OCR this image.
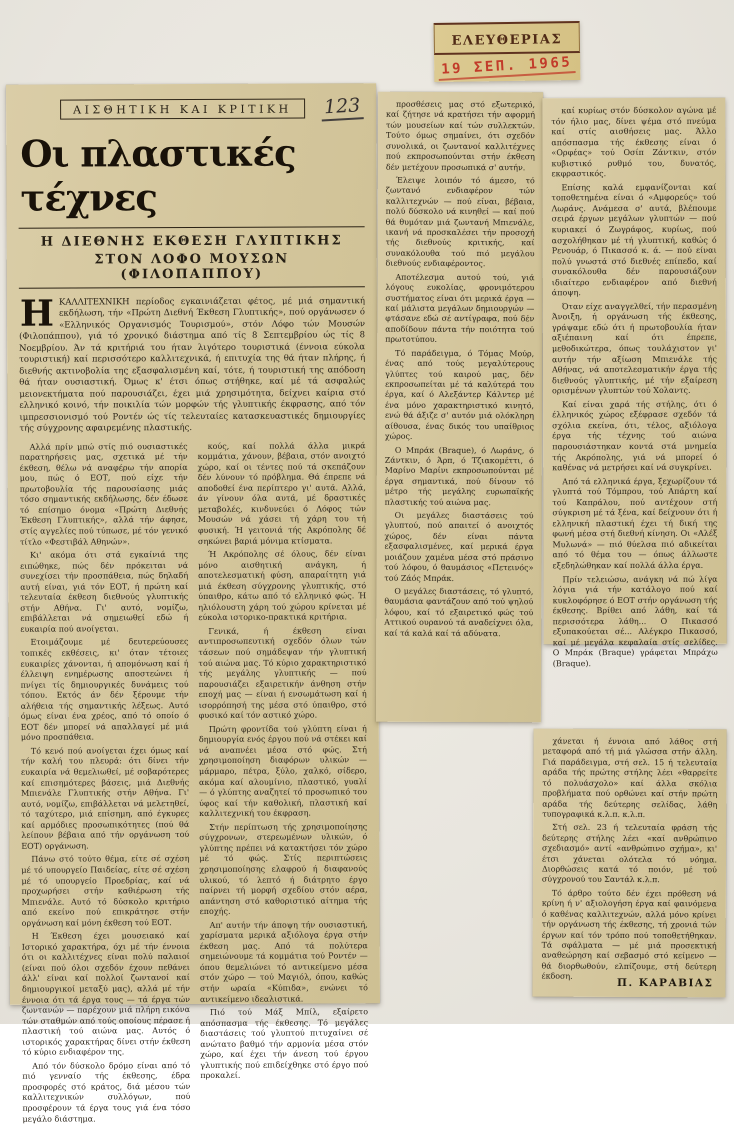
ΕΛΕΥΘΕΡΙΑΣ
19 ΣΕΠ. 1965
ΑΙΣΘΗΤΙΚΗ ΚΑΙ ΚΡΙΤΙΚΗ	123
Οι πλαστικές τέχνες
Η ΔΙΕΘΝΗΣ ΕΚΘΕΣΗ ΓΛΥΠΤΙΚΗΣ
ΣΤΟΝ ΛΟΦΟ ΜΟΥΣΩΝ (ΦΙΛΟΠΑΠΠΟΥ)
ΗΚΑΛΛΙΤΕΧΝΙΚΗ περίοδος εγκαινιάζεται φέτος, μέ μιά σημαντική εκδήλωση, τήν «Πρώτη Διεθνή Έκθεση Γλυπτικής», πού οργάνωσεν ό «Ελληνικός Οργανισμός Τουρισμού», στόν Λόφο τών Μουσών (Φιλοπάππου), γιά τό χρονικό διάστημα από τίς 8 Σεπτεμβρίου ώς τίς 8 Νοεμβρίου. Άν τά κριτήριά του ήταν λιγότερο τουριστικά (έννοια εύκολα τουριστική) καί περισσότερο καλλιτεχνικά, ή επιτυχία της θά ήταν πλήρης, ή διεθνής ακτινοβολία της εξασφαλισμένη καί, τότε, ή τουριστική της απόδοση θά ήταν ουσιαστική. Όμως κ' έτσι όπως στήθηκε, καί μέ τά ασφαλώς μειονεκτήματα πού παρουσιάζει, έχει μιά χρησιμότητα, δείχνει καίρια στό ελληνικό κοινό, τήν ποικιλία τών μορφών τής γλυπτικής έκφρασης, από τόν ιμπρεσσιονισμό τού Ροντέν ώς τίς τελευταίες κατασκευαστικές δημιουργίες τής σύγχρονης αφαιρεμένης πλαστικής.

Αλλά πρίν μπώ στίς πιό ουσιαστικές παρατηρήσεις μας, σχετικά μέ τήν έκθεση, θέλω νά αναφέρω τήν απορία μου, πώς ό ΕΟΤ, πού είχε τήν πρωτοβουλία τής παρουσίασης μιάς τόσο σημαντικής εκδήλωσης, δέν έδωσε τό επίσημο όνομα «Πρώτη Διεθνής Έκθεση Γλυπτικής», αλλά τήν άφησε, στίς αγγελίες πού τύπωσε, μέ τόν γενικό τίτλο «Φεστιβάλ Αθηνών».

Κι' ακόμα ότι στά εγκαίνιά της ειπώθηκε, πώς δέν πρόκειται νά συνεχίσει τήν προσπάθεια, πώς δηλαδή αυτή είναι, γιά τόν ΕΟΤ, ή πρώτη καί τελευταία έκθεση διεθνούς γλυπτικής στήν Αθήνα. Γι' αυτό, νομίζω, επιβάλλεται νά σημειωθεί εδώ ή ευκαιρία πού ανοίγεται.

Ετοιμάζουμε μέ δευτερεύουσες τοπικές εκθέσεις, κι' όταν τέτοιες ευκαιρίες χάνονται, ή απομόνωση καί ή έλλειψη ενημέρωσης αποστεώνει ή πνίγει τίς δημιουργικές δυνάμεις τού τόπου. Εκτός άν δέν ξέρουμε τήν αλήθεια τής σημαντικής λέξεως. Αυτό όμως είναι ένα χρέος, από τό οποίο ό ΕΟΤ δέν μπορεί νά απαλλαγεί μέ μιά μόνο προσπάθεια.

Τό κενό πού ανοίγεται έχει όμως καί τήν καλή του πλευρά: ότι δίνει τήν ευκαιρία νά θεμελιωθεί, μέ σοβαρότερες καί επισημότερες βάσεις, μιά Διεθνής Μπιενάλε Γλυπτικής στήν Αθήνα. Γι' αυτό, νομίζω, επιβάλλεται νά μελετηθεί, τό ταχύτερο, μιά επίσημη, από έγκυρες καί αρμόδιες προσωπικότητες (πού θά λείπουν βέβαια από τήν οργάνωση τού ΕΟΤ) οργάνωση.

Πάνω στό τούτο θέμα, είτε σέ σχέση μέ τό υπουργείο Παιδείας, είτε σέ σχέση μέ τό υπουργείο Προεδρίας, καί νά προχωρήσει στήν καθιέρωση τής Μπιενάλε. Αυτό τό δύσκολο κριτήριο από εκείνο πού επικράτησε στήν οργάνωση καί μόνη έκθεση τού ΕΟΤ.

Η Έκθεση έχει μουσειακό καί Ιστορικό χαρακτήρα, όχι μέ τήν έννοια ότι οι καλλιτέχνες είναι πολύ παλαιοί (είναι πού όλοι σχεδόν έχουν πεθάνει άλλ' είναι καί πολλοί ζωντανοί καί δημιουργικοί μεταξύ μας), αλλά μέ τήν έννοια ότι τά έργα τους — τά έργα τών ζωντανών — παρέχουν μιά πλήρη εικόνα τών σταθμών από τούς οποίους πέρασε ή πλαστική τού αιώνα μας. Αυτός ό ιστορικός χαρακτήρας δίνει στήν έκθεση τό κύριο ενδιαφέρον της.

Από τόν δύσκολο δρόμο είναι από τό πιό γενναίο τής έκθεσης, έδρα προσφορές στό κράτος, διά μέσου τών καλλιτεχνικών συλλόγων, πού προσφέρουν τά έργα τους γιά ένα τόσο μεγάλο διάστημα.

κούς, καί πολλά άλλα μικρά κομμάτια, χάνουν, βέβαια, στόν ανοιχτό χώρο, καί οι τέντες πού τά σκεπάζουν δέν λύνουν τό πρόβλημα. Θά έπρεπε νά αποδοθεί ένα περίπτερο γι' αυτά. Αλλά, άν γίνουν όλα αυτά, μέ δραστικές μεταβολές, κινδυνεύει ό Λόφος τών Μουσών νά χάσει τή χάρη του τή φυσική. Ή γειτονιά τής Ακρόπολης δέ σηκώνει βαριά μόνιμα κτίσματα.

Ή Ακρόπολης σέ όλους, δέν είναι μόνο αισθητική ανάγκη, ή αποτελεσματική φύση, απαραίτητη γιά μιά έκθεση σύγχρονης γλυπτικής, στό ύπαιθρο, κάτω από τό ελληνικό φώς. Ή ηλιόλουστη χάρη τού χώρου κρίνεται μέ εύκολα ιστορικο-πρακτικά κριτήρια.

Γενικά, ή έκθεση είναι αντιπροσωπευτική σχεδόν όλων τών τάσεων πού σημάδεψαν τήν γλυπτική τού αιώνα μας. Τό κύριο χαρακτηριστικό τής μεγάλης γλυπτικής — πού παρουσιάζει εξαιρετικήν άνθηση στήν εποχή μας — είναι ή ενσωμάτωση καί ή ισορρόπησή της μέσα στό ύπαιθρο, στό φυσικό καί τόν αστικό χώρο.

Πρώτη φροντίδα τού γλύπτη είναι ή δημιουργία ενός έργου πού νά στέκει καί νά αναπνέει μέσα στό φώς. Στή χρησιμοποίηση διαφόρων υλικών — μάρμαρο, πέτρα, ξύλο, χαλκό, σίδερο, ακόμα καί αλουμίνιο, πλαστικό, γυαλί — ό γλύπτης αναζητεί τό προσωπικό του ύφος καί τήν καθολική, πλαστική καί καλλιτεχνική του έκφραση.

Στήν περίπτωση τής χρησιμοποίησης σύγχρονων, στερεωμένων υλικών, ό γλύπτης πρέπει νά κατακτήσει τόν χώρο μέ τό φώς. Στίς περιπτώσεις χρησιμοποίησης ελαφρού ή διαφανούς υλικού, τό λεπτό ή διάτρητο έργο παίρνει τή μορφή σχεδίου στόν αέρα, απάντηση στό καθοριστικό αίτημα τής εποχής.

Απ' αυτήν τήν άποψη τήν ουσιαστική, χαρίσματα μερικά αξιόλογα έργα στήν έκθεση μας. Από τά πολύτερα σημειώνουμε τά κομμάτια τού Ροντέν — όπου θεμελιώνει τό αντικείμενο μέσα στόν χώρο — τού Μαγιόλ, όπου, καθώς στήν ωραία «Κύπιδα», ενώνει τό αντικείμενο ιδεαλιστικά.

Πιό τού Μάξ Μπίλ, εξαίρετο απόσπασμα τής έκθεσης. Τό μεγάλες διαστάσεις τού γλυπτού πιτυχαίνει σέ ανώτατο βαθμό τήν αρμονία μέσα στόν χώρο, καί έχει τήν άνεση τού έργου γλυπτικής πού επιδείχθηκε στό έργο πού προκαλεί.

προσθέσεις μας στό εξωτερικό, καί ζήτησε νά κρατήσει τήν αφορμή τών μουσείων καί τών συλλεκτών. Τούτο όμως σημαίνει, ότι σχεδόν συνολικά, οι ζωντανοί καλλιτέχνες πού εκπροσωπούνται στήν έκθεση δέν μετέχουν προσωπικά σ' αυτήν.

Έλειψε λοιπόν τό άμεσο, τό ζωντανό ενδιαφέρον τών καλλιτεχνών — πού είναι, βέβαια, πολύ δύσκολο νά κινηθεί — καί πού θά θυμόταν μιά ζωντανή Μπιενάλε, ικανή νά προσκαλέσει τήν προσοχή τής διεθνούς κριτικής, καί συνακόλουθα τού πιό μεγάλου διεθνούς ενδιαφέροντος.

Αποτέλεσμα αυτού τού, γιά λόγους ευκολίας, φρονιμότερου συστήματος είναι ότι μερικά έργα — καί μάλιστα μεγάλων δημιουργών — φτάσανε εδώ σέ αντίγραφα, πού δέν αποδίδουν πάντα τήν ποιότητα τού πρωτοτύπου.

Τό παράδειγμα, ό Τόμας Μούρ, ένας από τούς μεγαλύτερους γλύπτες τού καιρού μας, δέν εκπροσωπείται μέ τά καλύτερά του έργα, καί ό Αλεξάντερ Κάλντερ μέ ένα μόνο χαρακτηριστικό κινητό, ενώ θά άξιζε σ' αυτόν μιά ολόκληρη αίθουσα, ένας δικός του υπαίθριος χώρος.

Ο Μπράκ (Braque), ό Λωράνς, ό Ζάντκιν, ό Άρπ, ό Τζιακομέττι, ό Μαρίνο Μαρίνι εκπροσωπούνται μέ έργα σημαντικά, πού δίνουν τό μέτρο τής μεγάλης ευρωπαϊκής πλαστικής τού αιώνα μας.

Οι μεγάλες διαστάσεις τού γλυπτού, πού απαιτεί ό ανοιχτός χώρος, δέν είναι πάντα εξασφαλισμένες, καί μερικά έργα μοιάζουν χαμένα μέσα στό πράσινο τού λόφου, ό θαυμάσιος «Πετεινός» τού Ζάός Μπράκ.

Ο μεγάλες διαστάσεις, τό γλυπτό, θαυμάσια φαντάζουν από τού ψηλού λόφου, καί τό εξαιρετικό φώς τού Αττικού ουρανού τά αναδείχνει όλα, καί τά καλά καί τά αδύνατα.

καί κυρίως στόν δύσκολον αγώνα μέ τόν ήλιο μας, δίνει ψέμα στό πνεύμα καί στίς αισθήσεις μας. Άλλο απόσπασμα τής έκθεσης είναι ό «Ορφέας» τού Οσίπ Ζάντκιν, στόν κυβιστικό ρυθμό του, δυνατός, εκφραστικός.

Επίσης καλά εμφανίζονται καί τοποθετημένα είναι ό «Αμφορεύς» τού Λωράνς. Ανάμεσα σ' αυτά, βλέπουμε σειρά έργων μεγάλων γλυπτών — πού κυριακεί ό Ζωγράφος, κυρίως, πού ασχολήθηκαν μέ τή γλυπτική, καθώς ό Ρενουάρ, ό Πικασσό κ. ά. — πού είναι πολύ γνωστά στό διεθνές επίπεδο, καί συνακόλουθα δέν παρουσιάζουν ιδιαίτερο ενδιαφέρον από διεθνή άποψη.

Όταν είχε αναγγελθεί, τήν περασμένη Άνοιξη, ή οργάνωση τής έκθεσης, γράψαμε εδώ ότι ή πρωτοβουλία ήταν αξιέπαινη καί ότι έπρεπε, μεθοδικώτερα, όπως τουλάχιστον γι' αυτήν τήν αξίωση Μπιενάλε τής Αθήνας, νά αποτελεσματικήν έργα τής διεθνούς γλυπτικής, μέ τήν εξαίρεση ορισμένων γλυπτών τού Χολαντς.

Καί είναι χαρά τής στήλης, ότι ό έλληνικός χώρος εξέφρασε σχεδόν τά σχόλια εκείνα, ότι, τέλος, αξιόλογα έργα τής τέχνης τού αιώνα παρουσιάστηκαν κοντά στά μνημεία τής Ακρόπολης, γιά νά μπορεί ό καθένας νά μετρήσει καί νά συγκρίνει.

Από τά ελληνικά έργα, ξεχωρίζουν τά γλυπτά τού Τόμπρου, τού Απάρτη καί τού Καπράλου, πού αντέχουν στή σύγκριση μέ τά ξένα, καί δείχνουν ότι ή ελληνική πλαστική έχει τή δική της φωνή μέσα στή διεθνή κίνηση. Οι «Αλέξ Μυλωνά» — πιό θύελσα πιό αδικείται από τό θέμα του — όπως άλλωστε εξεδηλώθηκαν καί πολλά άλλα έργα.

Πρίν τελειώσω, ανάγκη νά πώ λίγα λόγια γιά τήν κατάλογο πού καί κυκλοφόρησε ό ΕΟΤ στήν οργάνωση τής έκθεσης. Βρίθει από λάθη, καί τά περισσότερα λάθη... Ο Πικασσό εξυπακούεται σέ... Αλέγκρο Πικασσό, καί μέ μεγάλα κεφαλαία στίς σελίδες. Ο Μπράκ (Braque) γράφεται Μπράχω (Braque).

χάνεται ή έννοια από λάθος στή μεταφορά από τή μιά γλώσσα στήν άλλη. Γιά παράδειγμα, στή σελ. 15 ή τελευταία αράδα τής πρώτης στήλης λέει «θαρρείτε τό πολυάσχολο» καί άλλα σκόλια προβλήματα πού ορθώνει καί στήν πρώτη αράδα τής δεύτερης σελίδας, λάθη τυπογραφικά κ.λ.π. κ.λ.π.

Στή σελ. 23 ή τελευταία φράση τής δεύτερης στήλης λέει «καί ανθρώπινο σχεδιασμό» αντί «ανθρώπινο σχήμα», κι' έτσι χάνεται ολότελα τό νόημα. Διορθώσεις κατά τό ποιόν, μέ τού σύγχρονού του Σαντάλ κ.λ.π.

Τό άρθρο τούτο δέν έχει πρόθεση νά κρίνη ή ν' αξιολογήση έργα καί φαινόμενα ό καθένας καλλιτεχνών, αλλά μόνο κρίνει τήν οργάνωση τής έκθεσης, τή χρονιά τών έργων καί τόν τρόπο πού τοποθετήθηκαν. Τά σφάλματα — μέ μιά προσεκτική αναθεώρηση καί σεβασμό στό κείμενο — θά διορθωθούν, ελπίζουμε, στή δεύτερη έκδοση.

Π. ΚΑΡΑΒΙΑΣ
